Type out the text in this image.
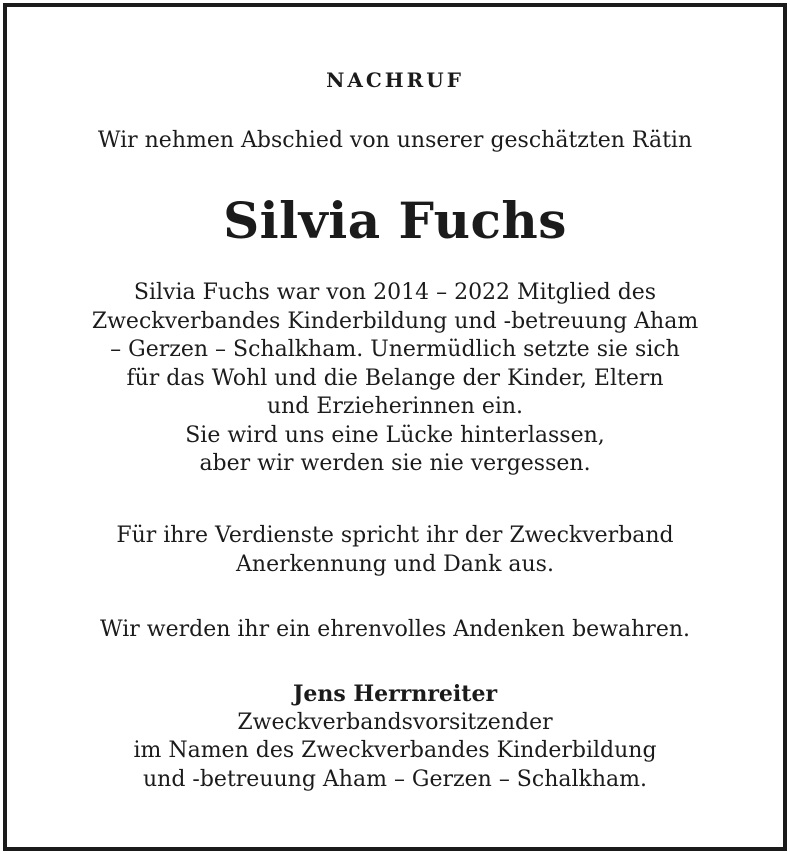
NACHRUF
Wir nehmen Abschied von unserer geschätzten Rätin
Silvia Fuchs
Silvia Fuchs war von 2014 – 2022 Mitglied des
Zweckverbandes Kinderbildung und -betreuung Aham
– Gerzen – Schalkham. Unermüdlich setzte sie sich
für das Wohl und die Belange der Kinder, Eltern
und Erzieherinnen ein.
Sie wird uns eine Lücke hinterlassen,
aber wir werden sie nie vergessen.
Für ihre Verdienste spricht ihr der Zweckverband
Anerkennung und Dank aus.
Wir werden ihr ein ehrenvolles Andenken bewahren.
Jens Herrnreiter
Zweckverbandsvorsitzender
im Namen des Zweckverbandes Kinderbildung
und -betreuung Aham – Gerzen – Schalkham.
